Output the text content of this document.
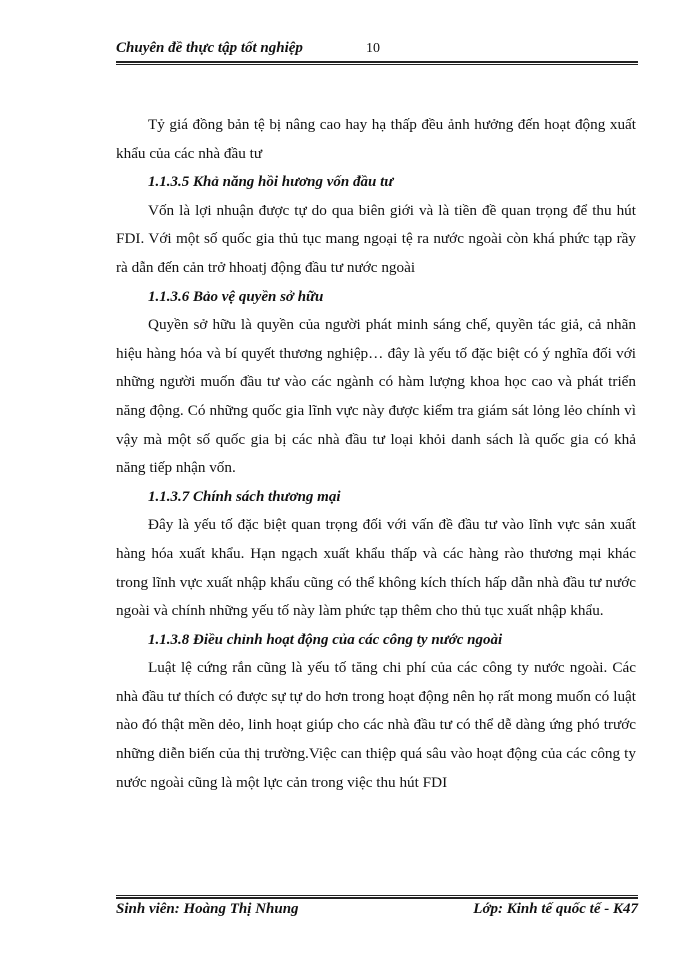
Chuyên đề thực tập tốt nghiệp	10

Tỷ giá đồng bản tệ bị nâng cao hay hạ thấp đều ảnh hưởng đến hoạt động xuất khẩu của các nhà đầu tư

1.1.3.5 Khả năng hồi hương vốn đầu tư

Vốn là lợi nhuận được tự do qua biên giới và là tiền đề quan trọng để thu hút FDI. Với một số quốc gia thủ tục mang ngoại tệ ra nước ngoài còn khá phức tạp rầy rà dẫn đến cản trở hhoatj động đầu tư nước ngoài

1.1.3.6 Bảo vệ quyền sở hữu

Quyền sở hữu là quyền của người phát minh sáng chế, quyền tác giả, cả nhãn hiệu hàng hóa và bí quyết thương nghiệp… đây là yếu tố đặc biệt có ý nghĩa đối với những người muốn đầu tư vào các ngành có hàm lượng khoa học cao và phát triển năng động. Có những quốc gia lĩnh vực này được kiểm tra giám sát lỏng lẻo chính vì vậy mà một số quốc gia bị các nhà đầu tư loại khỏi danh sách là quốc gia có khả năng tiếp nhận vốn.

1.1.3.7 Chính sách thương mại

Đây là yếu tố đặc biệt quan trọng đối với vấn đề đầu tư vào lĩnh vực sản xuất hàng hóa xuất khẩu. Hạn ngạch xuất khẩu thấp và các hàng rào thương mại khác trong lĩnh vực xuất nhập khẩu cũng có thể không kích thích hấp dẫn nhà đầu tư nước ngoài và chính những yếu tố này làm phức tạp thêm cho thủ tục xuất nhập khẩu.

1.1.3.8 Điều chỉnh hoạt động của các công ty nước ngoài

Luật lệ cứng rắn cũng là yếu tố tăng chi phí của các công ty nước ngoài. Các nhà đầu tư thích có được sự tự do hơn trong hoạt động nên họ rất mong muốn có luật nào đó thật mền dẻo, linh hoạt giúp cho các nhà đầu tư có thể dễ dàng ứng phó trước những diễn biến của thị trường.Việc can thiệp quá sâu vào hoạt động của các công ty nước ngoài cũng là một lực cản trong việc thu hút FDI

Sinh viên: Hoàng Thị Nhung	Lớp: Kinh tế quốc tế - K47
